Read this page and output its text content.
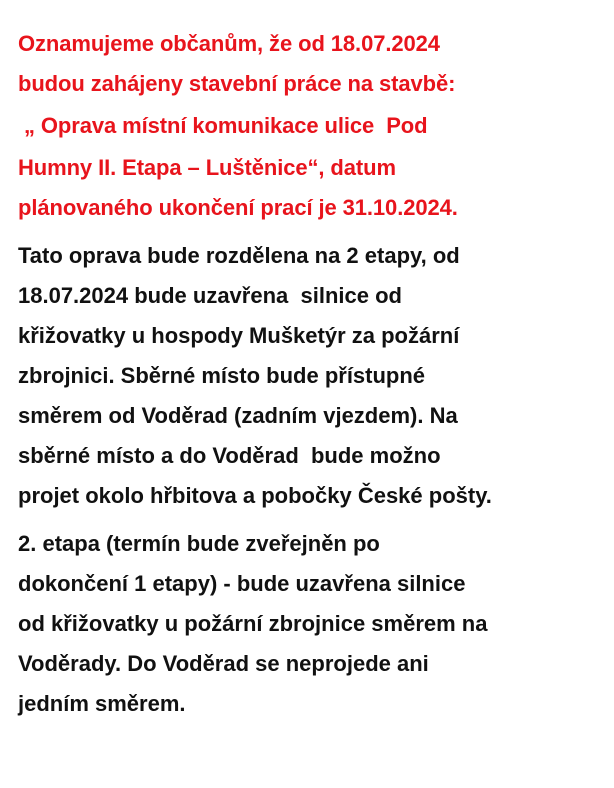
Oznamujeme občanům, že od 18.07.2024
budou zahájeny stavební práce na stavbě:
„ Oprava místní komunikace ulice  Pod
Humny II. Etapa – Luštěnice“, datum
plánovaného ukončení prací je 31.10.2024.

Tato oprava bude rozdělena na 2 etapy, od
18.07.2024 bude uzavřena  silnice od
křižovatky u hospody Mušketýr za požární
zbrojnici. Sběrné místo bude přístupné
směrem od Voděrad (zadním vjezdem). Na
sběrné místo a do Voděrad  bude možno
projet okolo hřbitova a pobočky České pošty.

2. etapa (termín bude zveřejněn po
dokončení 1 etapy) - bude uzavřena silnice
od křižovatky u požární zbrojnice směrem na
Voděrady. Do Voděrad se neprojede ani
jedním směrem.
